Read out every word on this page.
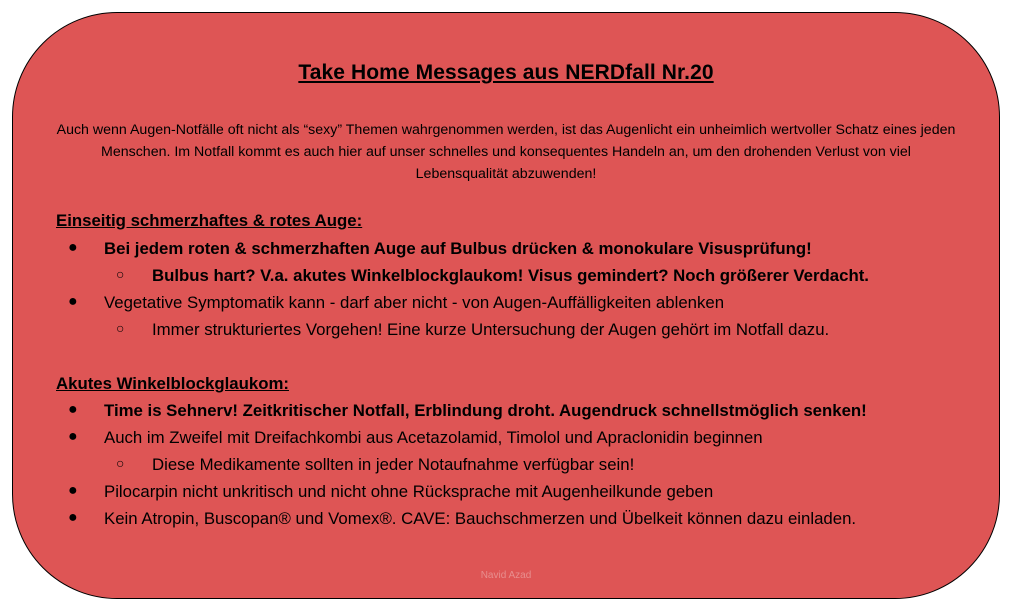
Take Home Messages aus NERDfall Nr.20
Auch wenn Augen-Notfälle oft nicht als “sexy” Themen wahrgenommen werden, ist das Augenlicht ein unheimlich wertvoller Schatz eines jeden Menschen. Im Notfall kommt es auch hier auf unser schnelles und konsequentes Handeln an, um den drohenden Verlust von viel Lebensqualität abzuwenden!
Einseitig schmerzhaftes & rotes Auge:
● Bei jedem roten & schmerzhaften Auge auf Bulbus drücken & monokulare Visusprüfung!
○ Bulbus hart? V.a. akutes Winkelblockglaukom! Visus gemindert? Noch größerer Verdacht.
● Vegetative Symptomatik kann - darf aber nicht - von Augen-Auffälligkeiten ablenken
○ Immer strukturiertes Vorgehen! Eine kurze Untersuchung der Augen gehört im Notfall dazu.
Akutes Winkelblockglaukom:
● Time is Sehnerv! Zeitkritischer Notfall, Erblindung droht. Augendruck schnellstmöglich senken!
● Auch im Zweifel mit Dreifachkombi aus Acetazolamid, Timolol und Apraclonidin beginnen
○ Diese Medikamente sollten in jeder Notaufnahme verfügbar sein!
● Pilocarpin nicht unkritisch und nicht ohne Rücksprache mit Augenheilkunde geben
● Kein Atropin, Buscopan® und Vomex®. CAVE: Bauchschmerzen und Übelkeit können dazu einladen.
Navid Azad
